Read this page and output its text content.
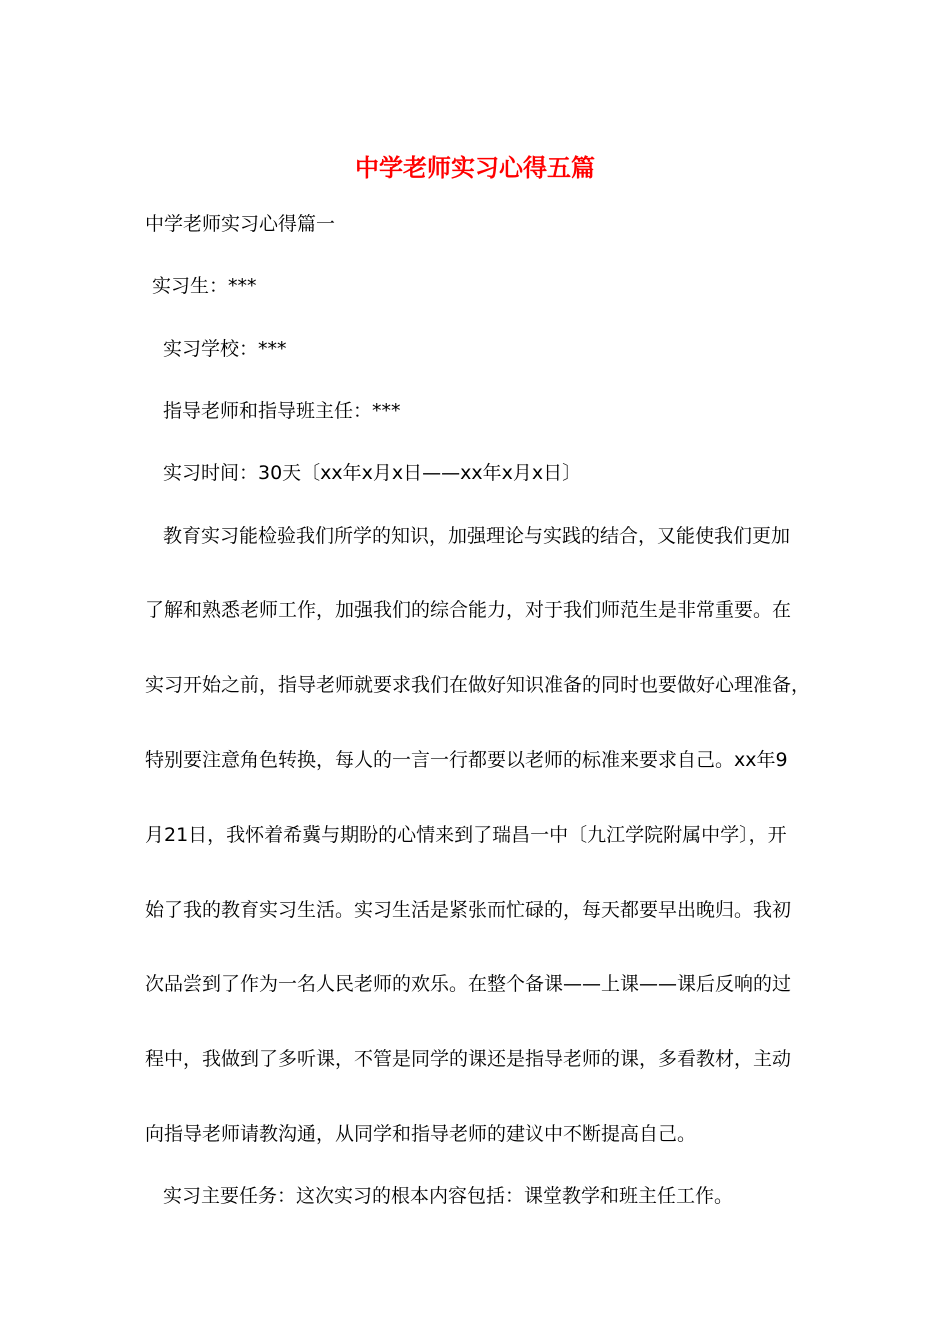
中学老师实习心得五篇

中学老师实习心得篇一

实习生：***

实习学校：***

指导老师和指导班主任：***

实习时间：30天〔xx年x月x日——xx年x月x日〕

教育实习能检验我们所学的知识，加强理论与实践的结合，又能使我们更加

了解和熟悉老师工作，加强我们的综合能力，对于我们师范生是非常重要。在

实习开始之前，指导老师就要求我们在做好知识准备的同时也要做好心理准备，

特别要注意角色转换，每人的一言一行都要以老师的标准来要求自己。xx年9

月21日，我怀着希冀与期盼的心情来到了瑞昌一中〔九江学院附属中学〕，开

始了我的教育实习生活。实习生活是紧张而忙碌的，每天都要早出晚归。我初

次品尝到了作为一名人民老师的欢乐。在整个备课——上课——课后反响的过

程中，我做到了多听课，不管是同学的课还是指导老师的课，多看教材，主动

向指导老师请教沟通，从同学和指导老师的建议中不断提高自己。

实习主要任务：这次实习的根本内容包括：课堂教学和班主任工作。
